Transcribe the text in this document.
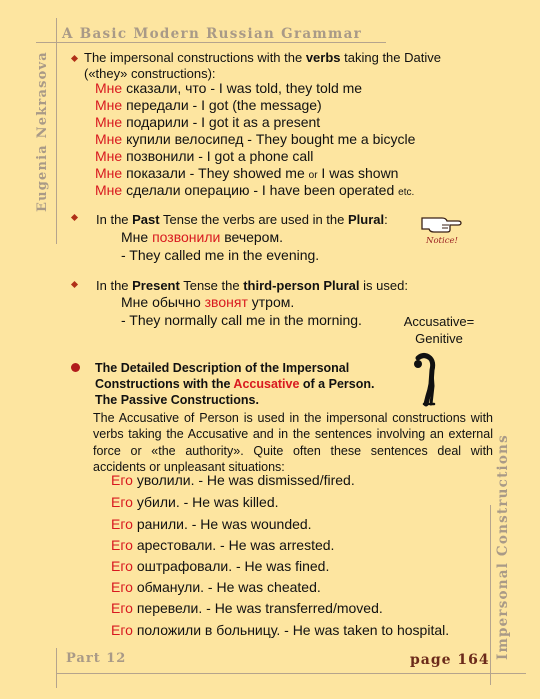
A Basic Modern Russian Grammar
Eugenia Nekrasova
Impersonal Constructions
The impersonal constructions with the verbs taking the Dative
(«they» constructions):
Мне сказали, что - I was told, they told me
Мне передали - I got (the message)
Мне подарили - I got it as a present
Мне купили велосипед - They bought me a bicycle
Мне позвонили - I got a phone call
Мне показали - They showed me or I was shown
Мне сделали операцию - I have been operated etc.
In the Past Tense the verbs are used in the Plural:
Мне позвонили вечером.
- They called me in the evening.
Notice!
In the Present Tense the third-person Plural is used:
Мне обычно звонят утром.
- They normally call me in the morning.	Accusative=
Genitive
The Detailed Description of the Impersonal
Constructions with the Accusative of a Person.
The Passive Constructions.
The Accusative of Person is used in the impersonal constructions with verbs taking the Accusative and in the sentences involving an external force or «the authority». Quite often these sentences deal with accidents or unpleasant situations:
Его уволили. - He was dismissed/fired.
Его убили. - He was killed.
Его ранили. - He was wounded.
Его арестовали. - He was arrested.
Его оштрафовали. - He was fined.
Его обманули. - He was cheated.
Его перевели. - He was transferred/moved.
Его положили в больницу. - He was taken to hospital.
Part 12	page 164
